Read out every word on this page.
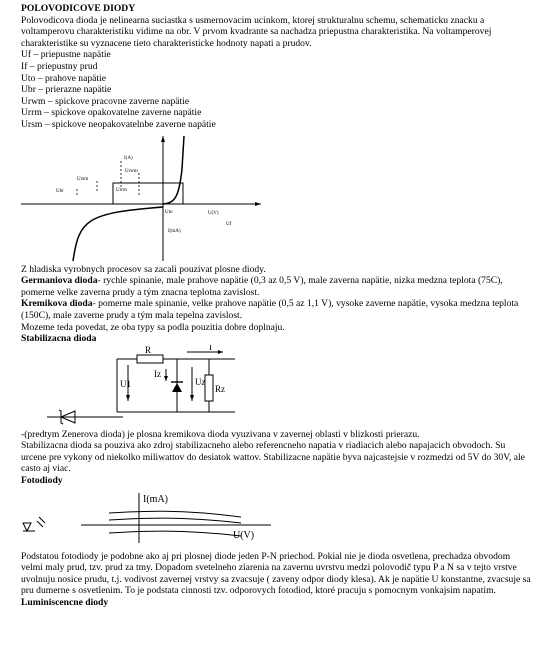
POLOVODICOVE DIODY

Polovodicova dioda je nelinearna suciastka s usmernovacim ucinkom, ktorej strukturalnu schemu, schematicku znacku a voltamperovu charakteristiku vidime na obr. V prvom kvadrante sa nachadza priepustna charakteristika. Na voltamperovej charakteristike su vyznacene tieto charakteristicke hodnoty napati a prudov.

Uf – priepustne napätie

If – priepustny prud

Uto – prahove napätie

Ubr – prierazne napätie

Urwm – spickove pracovne zaverne napätie

Urrm – spickove opakovatelne zaverne napätie

Ursm – spickove neopakovatelnbe zaverne napätie

I(A)
Urwm
Ursm
Ubr	Urrm
Uto	U(V)
Uf
I(mA)

Z hladiska vyrobnych procesov sa zacali pouzivat plosne diody.

Germaniova dioda- rychle spinanie, male prahove napätie (0,3 az 0,5 V), male zaverna napätie, nizka medzna teplota (75C), pomerne velke zaverna prudy a tým znacna teplotna zavislost.

Kremikova dioda- pomerne male spinanie, velke prahove napätie (0,5 az 1,1 V), vysoke zaverne napätie, vysoka medzna teplota (150C), male zaverne prudy a tým mala tepelna zavislost.

Mozeme teda povedat, ze oba typy sa podla pouzitia dobre doplnaju.

Stabilizacna dioda

R	I
Iz
U1	Uz
Rz

-(predtym Zenerova dioda) je plosna kremikova dioda vyuzivana v zavernej oblasti v blizkosti prierazu.

Stabilizacna dioda sa pouziva ako zdroj stabilizacneho alebo referencneho napatia v riadiacich alebo napajacich obvodoch. Su urcene pre vykony od niekolko miliwattov do desiatok wattov. Stabilizacne napätie byva najcastejsie v rozmedzi od 5V do 30V, ale casto aj viac.

Fotodiody

I(mA)
U(V)

Podstatou fotodiody je podobne ako aj pri plosnej diode jeden P-N priechod. Pokial nie je dioda osvetlena, prechadza obvodom velmi maly prud, tzv. prud za tmy. Dopadom svetelneho ziarenia na zavernu uvrstvu medzi polovodič typu P a N sa v tejto vrstve uvolnuju nosice prudu, t.j. vodivost zavernej vrstvy sa zvacsuje ( zaveny odpor diody klesa). Ak je napätie U konstantne, zvacsuje sa pru dumerne s osvetlenim. To je podstata cinnosti tzv. odporovych fotodiod, ktoré pracuju s pomocnym vonkajsim napatim.

Luminiscencne diody
